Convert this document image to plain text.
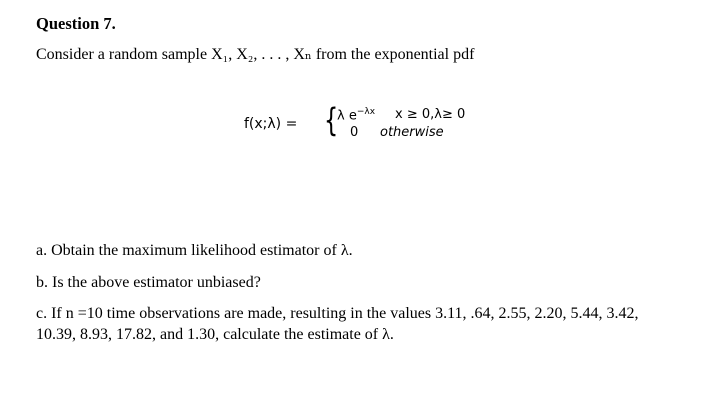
Question 7.
Consider a random sample X₁, X₂, . . . , Xₙ from the exponential pdf
f(x;λ) = {
λ $e^{-\lambda x}$ x ≥ 0,λ≥ 0
0 otherwise
a. Obtain the maximum likelihood estimator of λ.
b. Is the above estimator unbiased?
c. If n =10 time observations are made, resulting in the values 3.11, .64, 2.55, 2.20, 5.44, 3.42,
10.39, 8.93, 17.82, and 1.30, calculate the estimate of λ.
